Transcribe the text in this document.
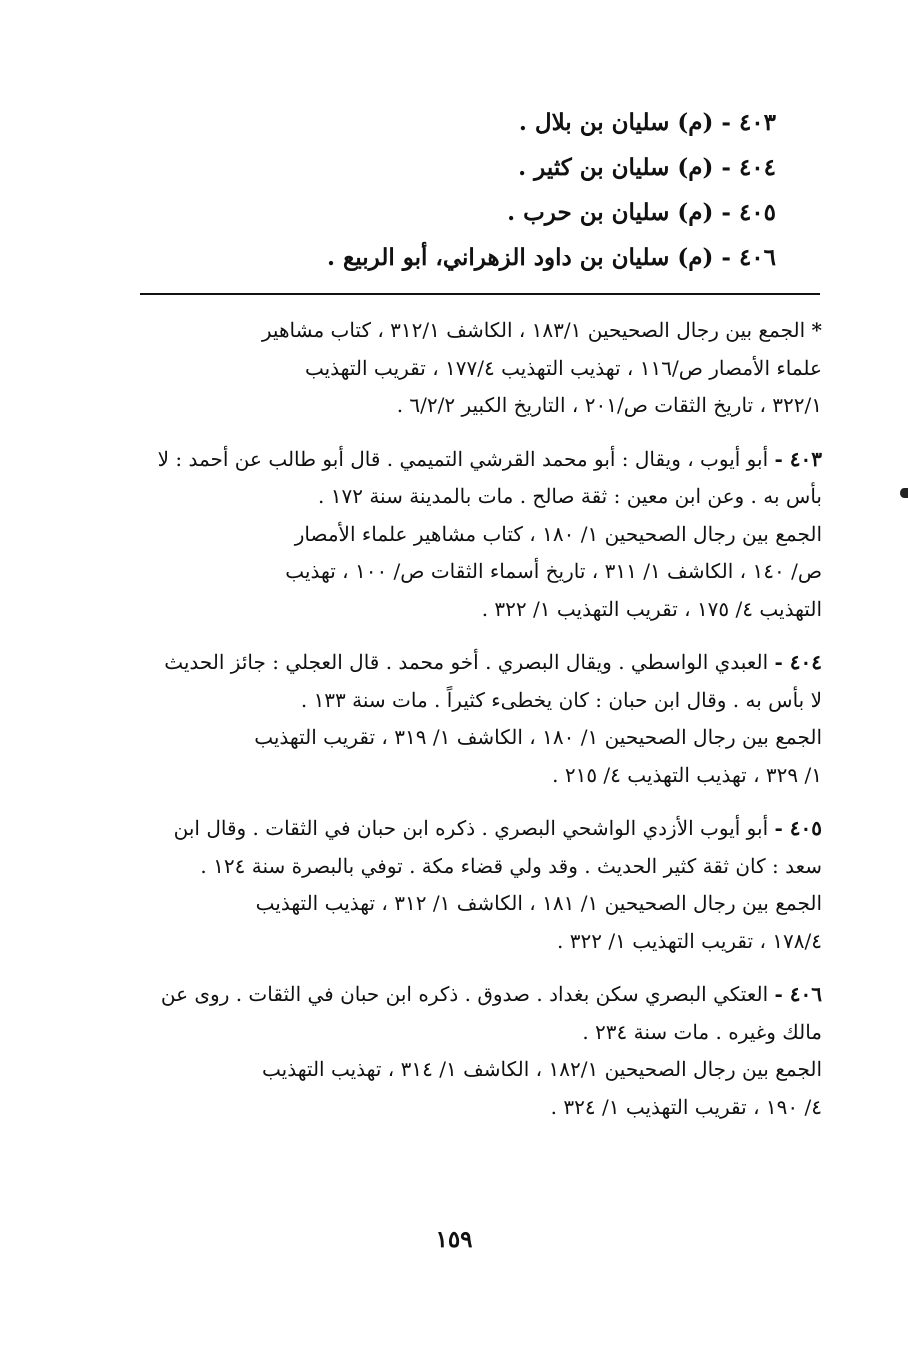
٤٠٣ - (م) سليان بن بلال .
٤٠٤ - (م) سليان بن كثير .
٤٠٥ - (م) سليان بن حرب .
٤٠٦ - (م) سليان بن داود الزهراني، أبو الربيع .

* الجمع بين رجال الصحيحين ١٨٣/١ ، الكاشف ٣١٢/١ ، كتاب مشاهير

علماء الأمصار ص/١١٦ ، تهذيب التهذيب ١٧٧/٤ ، تقريب التهذيب

٣٢٢/١ ، تاريخ الثقات ص/٢٠١ ، التاريخ الكبير ٦/٢/٢ .

٤٠٣ - أبو أيوب ، ويقال : أبو محمد القرشي التميمي . قال أبو طالب عن أحمد : لا

بأس به . وعن ابن معين : ثقة صالح . مات بالمدينة سنة ١٧٢ .

الجمع بين رجال الصحيحين ١/ ١٨٠ ، كتاب مشاهير علماء الأمصار

ص/ ١٤٠ ، الكاشف ١/ ٣١١ ، تاريخ أسماء الثقات ص/ ١٠٠ ، تهذيب

التهذيب ٤/ ١٧٥ ، تقريب التهذيب ١/ ٣٢٢ .

٤٠٤ - العبدي الواسطي . ويقال البصري . أخو محمد . قال العجلي : جائز الحديث

لا بأس به . وقال ابن حبان : كان يخطىء كثيراً . مات سنة ١٣٣ .

الجمع بين رجال الصحيحين ١/ ١٨٠ ، الكاشف ١/ ٣١٩ ، تقريب التهذيب

١/ ٣٢٩ ، تهذيب التهذيب ٤/ ٢١٥ .

٤٠٥ - أبو أيوب الأزدي الواشحي البصري . ذكره ابن حبان في الثقات . وقال ابن

سعد : كان ثقة كثير الحديث . وقد ولي قضاء مكة . توفي بالبصرة سنة ١٢٤ .

الجمع بين رجال الصحيحين ١/ ١٨١ ، الكاشف ١/ ٣١٢ ، تهذيب التهذيب

١٧٨/٤ ، تقريب التهذيب ١/ ٣٢٢ .

٤٠٦ - العتكي البصري سكن بغداد . صدوق . ذكره ابن حبان في الثقات . روى عن

مالك وغيره . مات سنة ٢٣٤ .

الجمع بين رجال الصحيحين ١٨٢/١ ، الكاشف ١/ ٣١٤ ، تهذيب التهذيب

٤/ ١٩٠ ، تقريب التهذيب ١/ ٣٢٤ .

١٥٩
